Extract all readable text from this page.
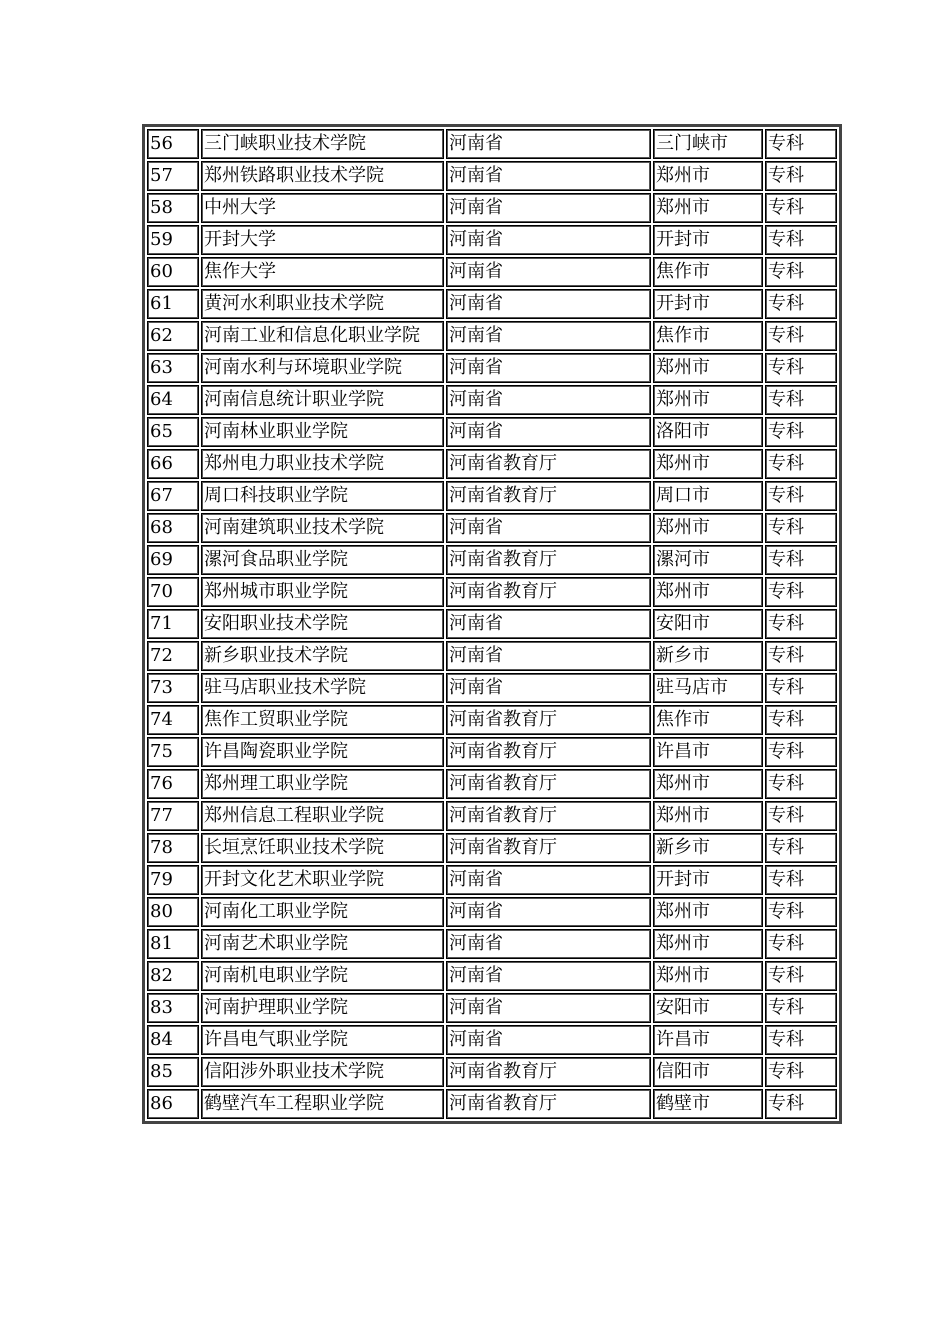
56	三门峡职业技术学院	河南省	三门峡市	专科
57	郑州铁路职业技术学院	河南省	郑州市	专科
58	中州大学	河南省	郑州市	专科
59	开封大学	河南省	开封市	专科
60	焦作大学	河南省	焦作市	专科
61	黄河水利职业技术学院	河南省	开封市	专科
62	河南工业和信息化职业学院	河南省	焦作市	专科
63	河南水利与环境职业学院	河南省	郑州市	专科
64	河南信息统计职业学院	河南省	郑州市	专科
65	河南林业职业学院	河南省	洛阳市	专科
66	郑州电力职业技术学院	河南省教育厅	郑州市	专科
67	周口科技职业学院	河南省教育厅	周口市	专科
68	河南建筑职业技术学院	河南省	郑州市	专科
69	漯河食品职业学院	河南省教育厅	漯河市	专科
70	郑州城市职业学院	河南省教育厅	郑州市	专科
71	安阳职业技术学院	河南省	安阳市	专科
72	新乡职业技术学院	河南省	新乡市	专科
73	驻马店职业技术学院	河南省	驻马店市	专科
74	焦作工贸职业学院	河南省教育厅	焦作市	专科
75	许昌陶瓷职业学院	河南省教育厅	许昌市	专科
76	郑州理工职业学院	河南省教育厅	郑州市	专科
77	郑州信息工程职业学院	河南省教育厅	郑州市	专科
78	长垣烹饪职业技术学院	河南省教育厅	新乡市	专科
79	开封文化艺术职业学院	河南省	开封市	专科
80	河南化工职业学院	河南省	郑州市	专科
81	河南艺术职业学院	河南省	郑州市	专科
82	河南机电职业学院	河南省	郑州市	专科
83	河南护理职业学院	河南省	安阳市	专科
84	许昌电气职业学院	河南省	许昌市	专科
85	信阳涉外职业技术学院	河南省教育厅	信阳市	专科
86	鹤壁汽车工程职业学院	河南省教育厅	鹤壁市	专科
